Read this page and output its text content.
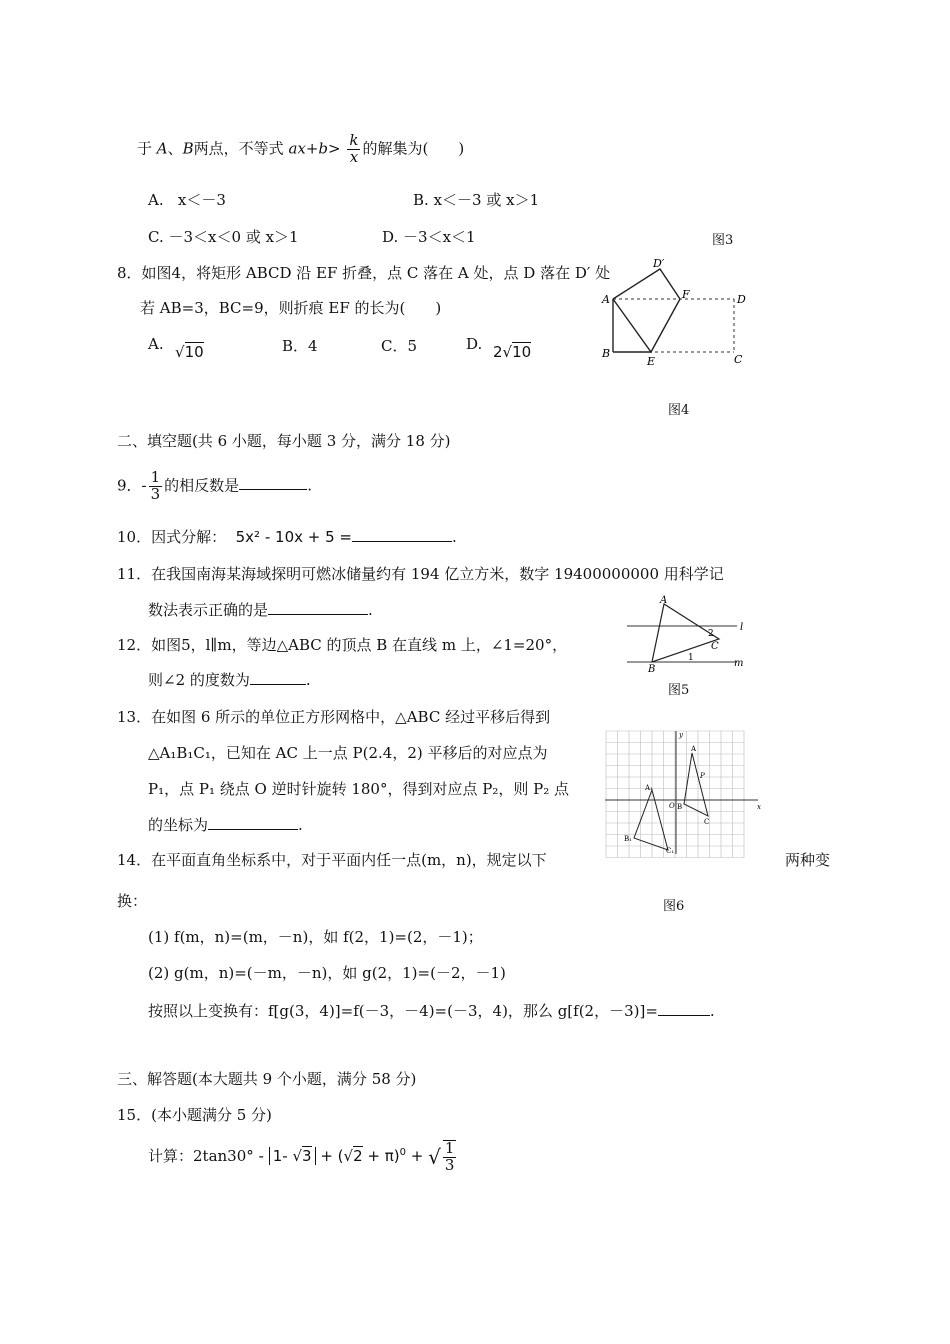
于 A、B两点，不等式 $ax+b> \frac{k}{x}$ 的解集为(　　)
A. x＜－3	B. x＜－3 或 x＞1
C. －3＜x＜0 或 x＞1	D. －3＜x＜1	图3
8．如图4，将矩形 ABCD 沿 EF 折叠，点 C 落在 A 处，点 D 落在 D′ 处
若 AB=3，BC=9，则折痕 EF 的长为(　　)
A. √10	B．4	C．5	D. 2√10
A
B	C
D
E
F
D′
图4
二、填空题(共 6 小题，每小题 3 分，满分 18 分)
9．- $\frac{1}{3}$ 的相反数是	.
10．因式分解： 5x² - 10x + 5 =	.
11．在我国南海某海域探明可燃冰储量约有 194 亿立方米，数字 19400000000 用科学记
数法表示正确的是	.
12．如图5，l∥m，等边△ABC 的顶点 B 在直线 m 上，∠1=20°，
则∠2 的度数为	.
A
B
C
l
m
1
2
图5
13．在如图 6 所示的单位正方形网格中，△ABC 经过平移后得到
△A₁B₁C₁，已知在 AC 上一点 P(2.4，2) 平移后的对应点为
P₁，点 P₁ 绕点 O 逆时针旋转 180°，得到对应点 P₂，则 P₂ 点
的坐标为	.
y
x
O
A
B
C
P
A₁
B₁
C₁
图6
14．在平面直角坐标系中，对于平面内任一点(m，n)，规定以下	两种变
换：
(1) f(m，n)=(m，－n)，如 f(2，1)=(2，－1)；
(2) g(m，n)=(－m，－n)，如 g(2，1)=(－2，－1)
按照以上变换有：f[g(3，4)]=f(－3，－4)=(－3，4)，那么 g[f(2，－3)]=	.
三、解答题(本大题共 9 个小题，满分 58 分)
15．(本小题满分 5 分)
计算：2tan30° - 1- $√3 + (√2 + \pi)^0$ + √ $\frac{1}{3}$
